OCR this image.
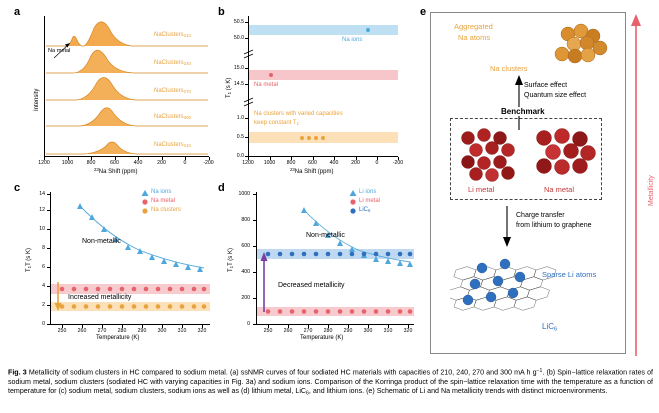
a
Intensity
1200	1000	800	600	400	200	0	-200
$^{23}$Na Shift (ppm)
Na metal
NaClusters$_{210}$
NaClusters$_{240}$
NaClusters$_{270}$
NaClusters$_{300}$
NaClusters$_{210}$
b
$T_1$ (s K)
50.5
50.0
15.0
14.5
1.0
0.5
0.0
Na ions
Na metal
Na clusters with varied capacities
keep constant $T_1$
1200	1000	800	600	400	200	0	-200
$^{23}$Na Shift (ppm)
c
$T_1T$ (s K)
0
2
4
6
8
10
12
14
250	260	270	280	290	300	310	320
Temperature (K)
Non-metallic
Increased metallicity
Na ions
Na metal
Na clusters
d
$T_1T$ (s K)
0
200
400
600
800
1000
250	260	270	280	290	300	310	320
Temperature (K)
Non-metallic
Decreased metallicity
Li ions
Li metal
LiC$_6$
e
Metallicity
Aggregated
Na atoms
Na clusters
Surface effect
Quantum size effect
Benchmark
Li metal	Na metal
Charge transfer
from lithium to graphene
Sparse Li atoms
LiC$_6$
Fig. 3 Metallicity of sodium clusters in HC compared to sodium metal. (a) ssNMR curves of four sodiated HC materials with capacities of 210, 240, 270 and 300 mA h $g^{-1}$. (b) Spin−lattice relaxation rates of sodium metal, sodium clusters (sodiated HC with varying capacities in Fig. 3a) and sodium ions. Comparison of the Korringa product of the spin−lattice relaxation time with the temperature as a function of temperature for (c) sodium metal, sodium clusters, sodium ions as well as (d) lithium metal, LiC$_6$, and lithium ions. (e) Schematic of Li and Na metallicity trends with distinct microenvironments.
